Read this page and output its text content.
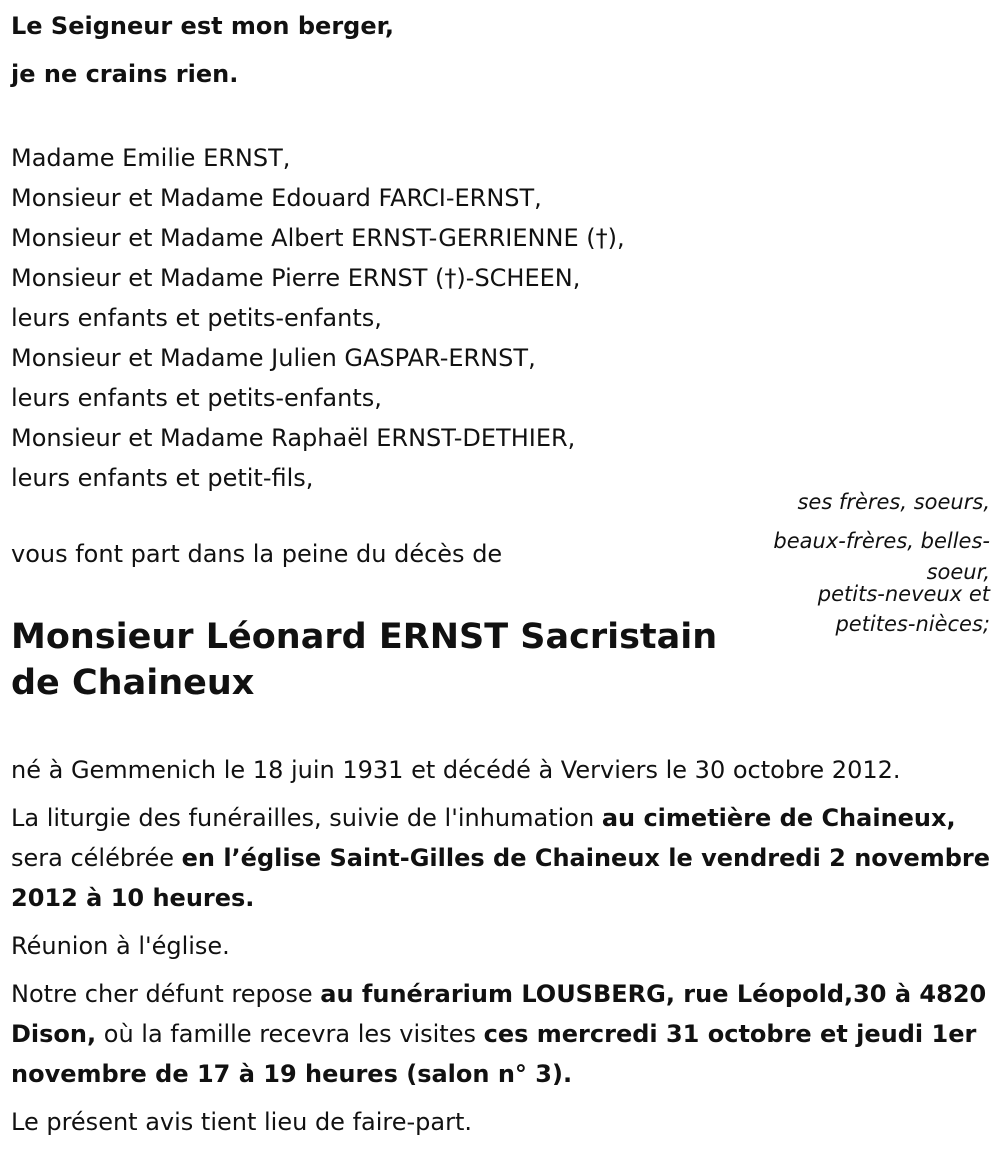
Le Seigneur est mon berger,
je ne crains rien.
Madame Emilie ERNST,
Monsieur et Madame Edouard FARCI-ERNST,
Monsieur et Madame Albert ERNST-GERRIENNE (†),
Monsieur et Madame Pierre ERNST (†)-SCHEEN,
leurs enfants et petits-enfants,
Monsieur et Madame Julien GASPAR-ERNST,
leurs enfants et petits-enfants,
Monsieur et Madame Raphaël ERNST-DETHIER,
leurs enfants et petit-fils,
ses frères, soeurs,
beaux-frères, belles-
soeur,
petits-neveux et
petites-nièces;
vous font part dans la peine du décès de
Monsieur Léonard ERNST Sacristain de Chaineux

né à Gemmenich le 18 juin 1931 et décédé à Verviers le 30 octobre 2012.

La liturgie des funérailles, suivie de l'inhumation au cimetière de Chaineux, sera célébrée en l’église Saint-Gilles de Chaineux le vendredi 2 novembre 2012 à 10 heures.

Réunion à l'église.

Notre cher défunt repose au funérarium LOUSBERG, rue Léopold,30 à 4820 Dison, où la famille recevra les visites ces mercredi 31 octobre et jeudi 1er novembre de 17 à 19 heures (salon n° 3).

Le présent avis tient lieu de faire-part.
